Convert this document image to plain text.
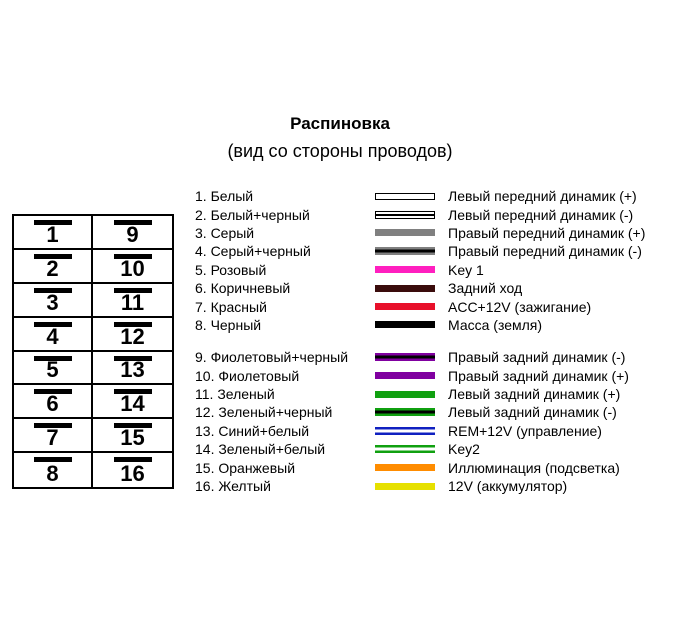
Распиновка
(вид со стороны проводов)
1	9
2	10
3	11
4	12
5	13
6	14
7	15
8	16
1. Белый	Левый передний динамик (+)
2. Белый+черный	Левый передний динамик (-)
3. Серый	Правый передний динамик (+)
4. Серый+черный	Правый передний динамик (-)
5. Розовый	Key 1
6. Коричневый	Задний ход
7. Красный	ACC+12V (зажигание)
8. Черный	Масса (земля)
9. Фиолетовый+черный	Правый задний динамик (-)
10. Фиолетовый	Правый задний динамик (+)
11. Зеленый	Левый задний динамик (+)
12. Зеленый+черный	Левый задний динамик (-)
13. Синий+белый	REM+12V (управление)
14. Зеленый+белый	Key2
15. Оранжевый	Иллюминация (подсветка)
16. Желтый	12V (аккумулятор)
